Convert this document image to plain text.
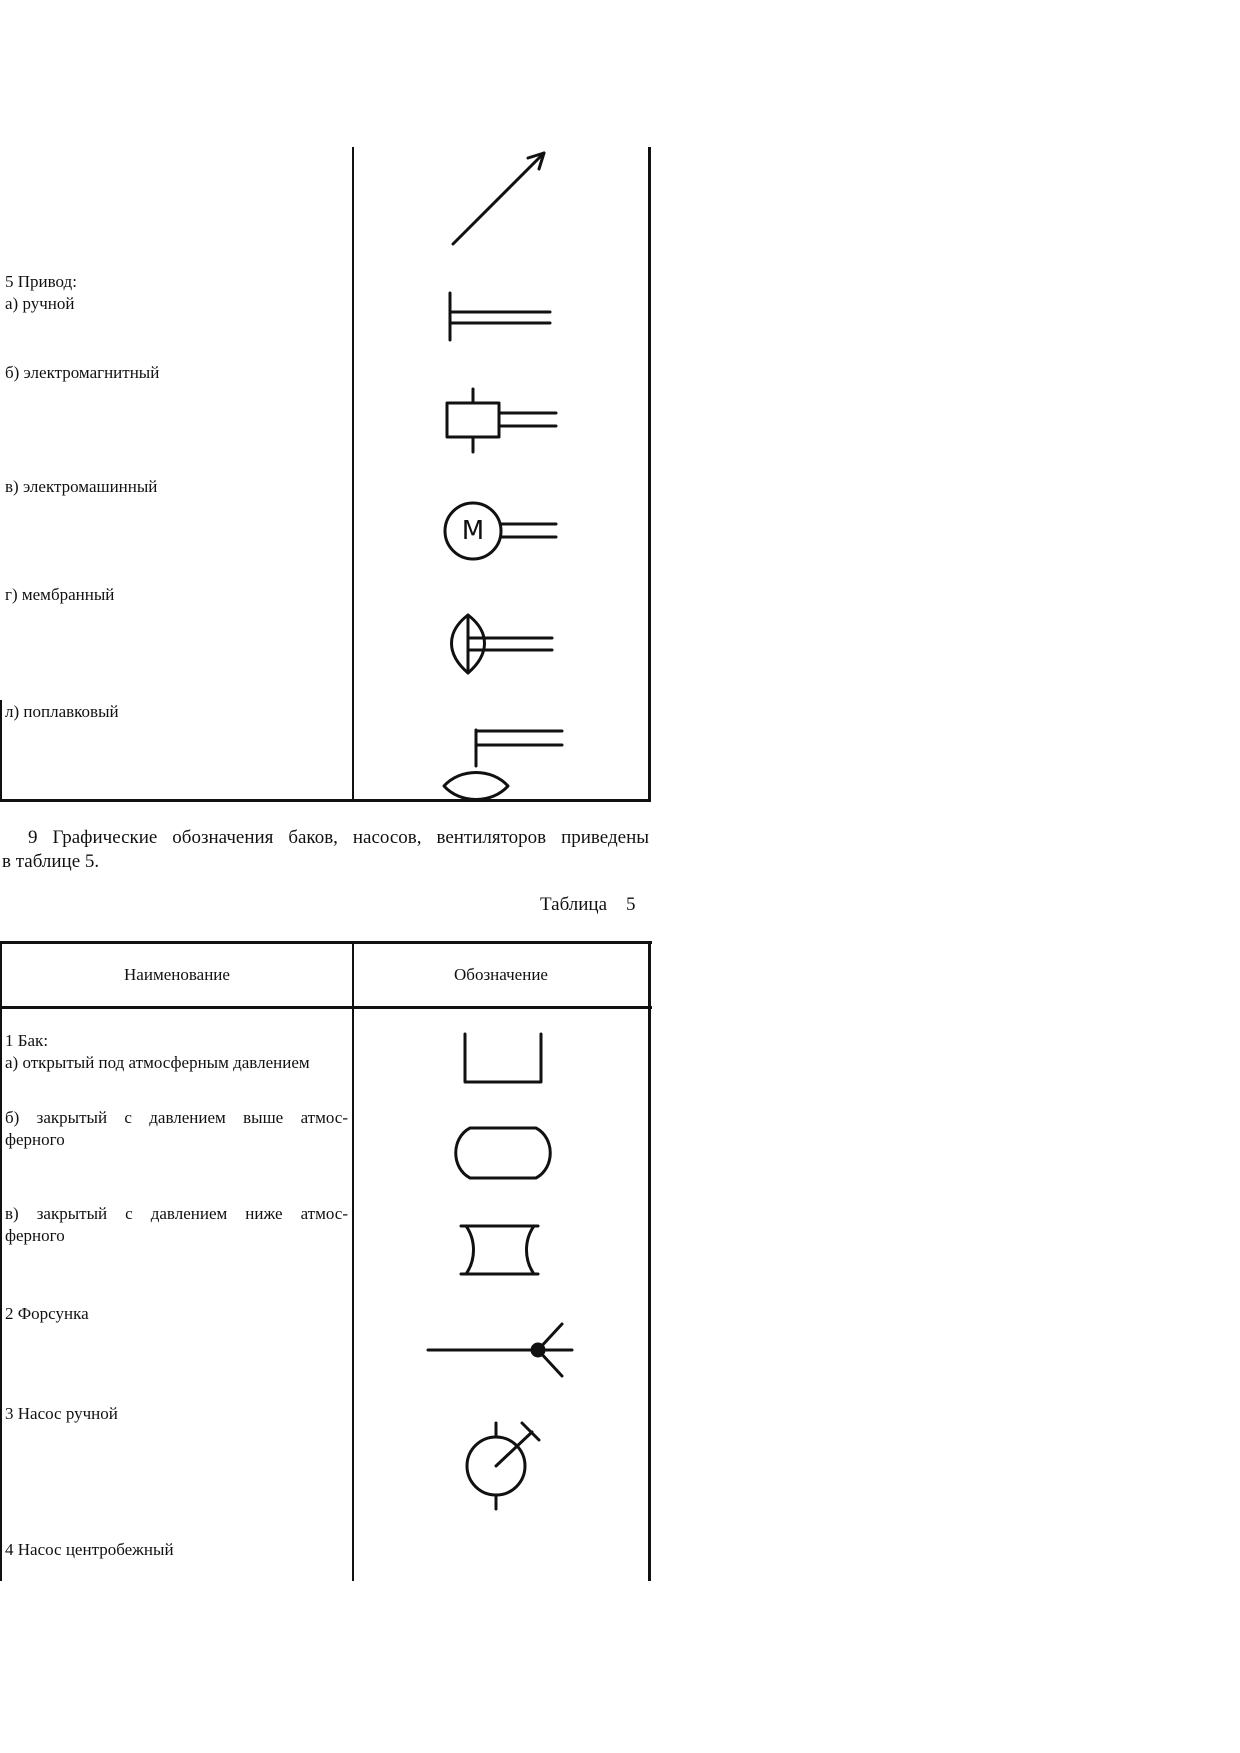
5 Привод:
а) ручной
б) электромагнитный
в) электромашинный
г) мембранный
л) поплавковый
M
9 Графические обозначения баков, насосов, вентиляторов приведены
в таблице 5.
Таблица    5
Наименование	Обозначение
1 Бак:
а) открытый под атмосферным давлением
б) закрытый с давлением выше атмос-
ферного
в) закрытый с давлением ниже атмос-
ферного
2 Форсунка
3 Насос ручной
4 Насос центробежный
